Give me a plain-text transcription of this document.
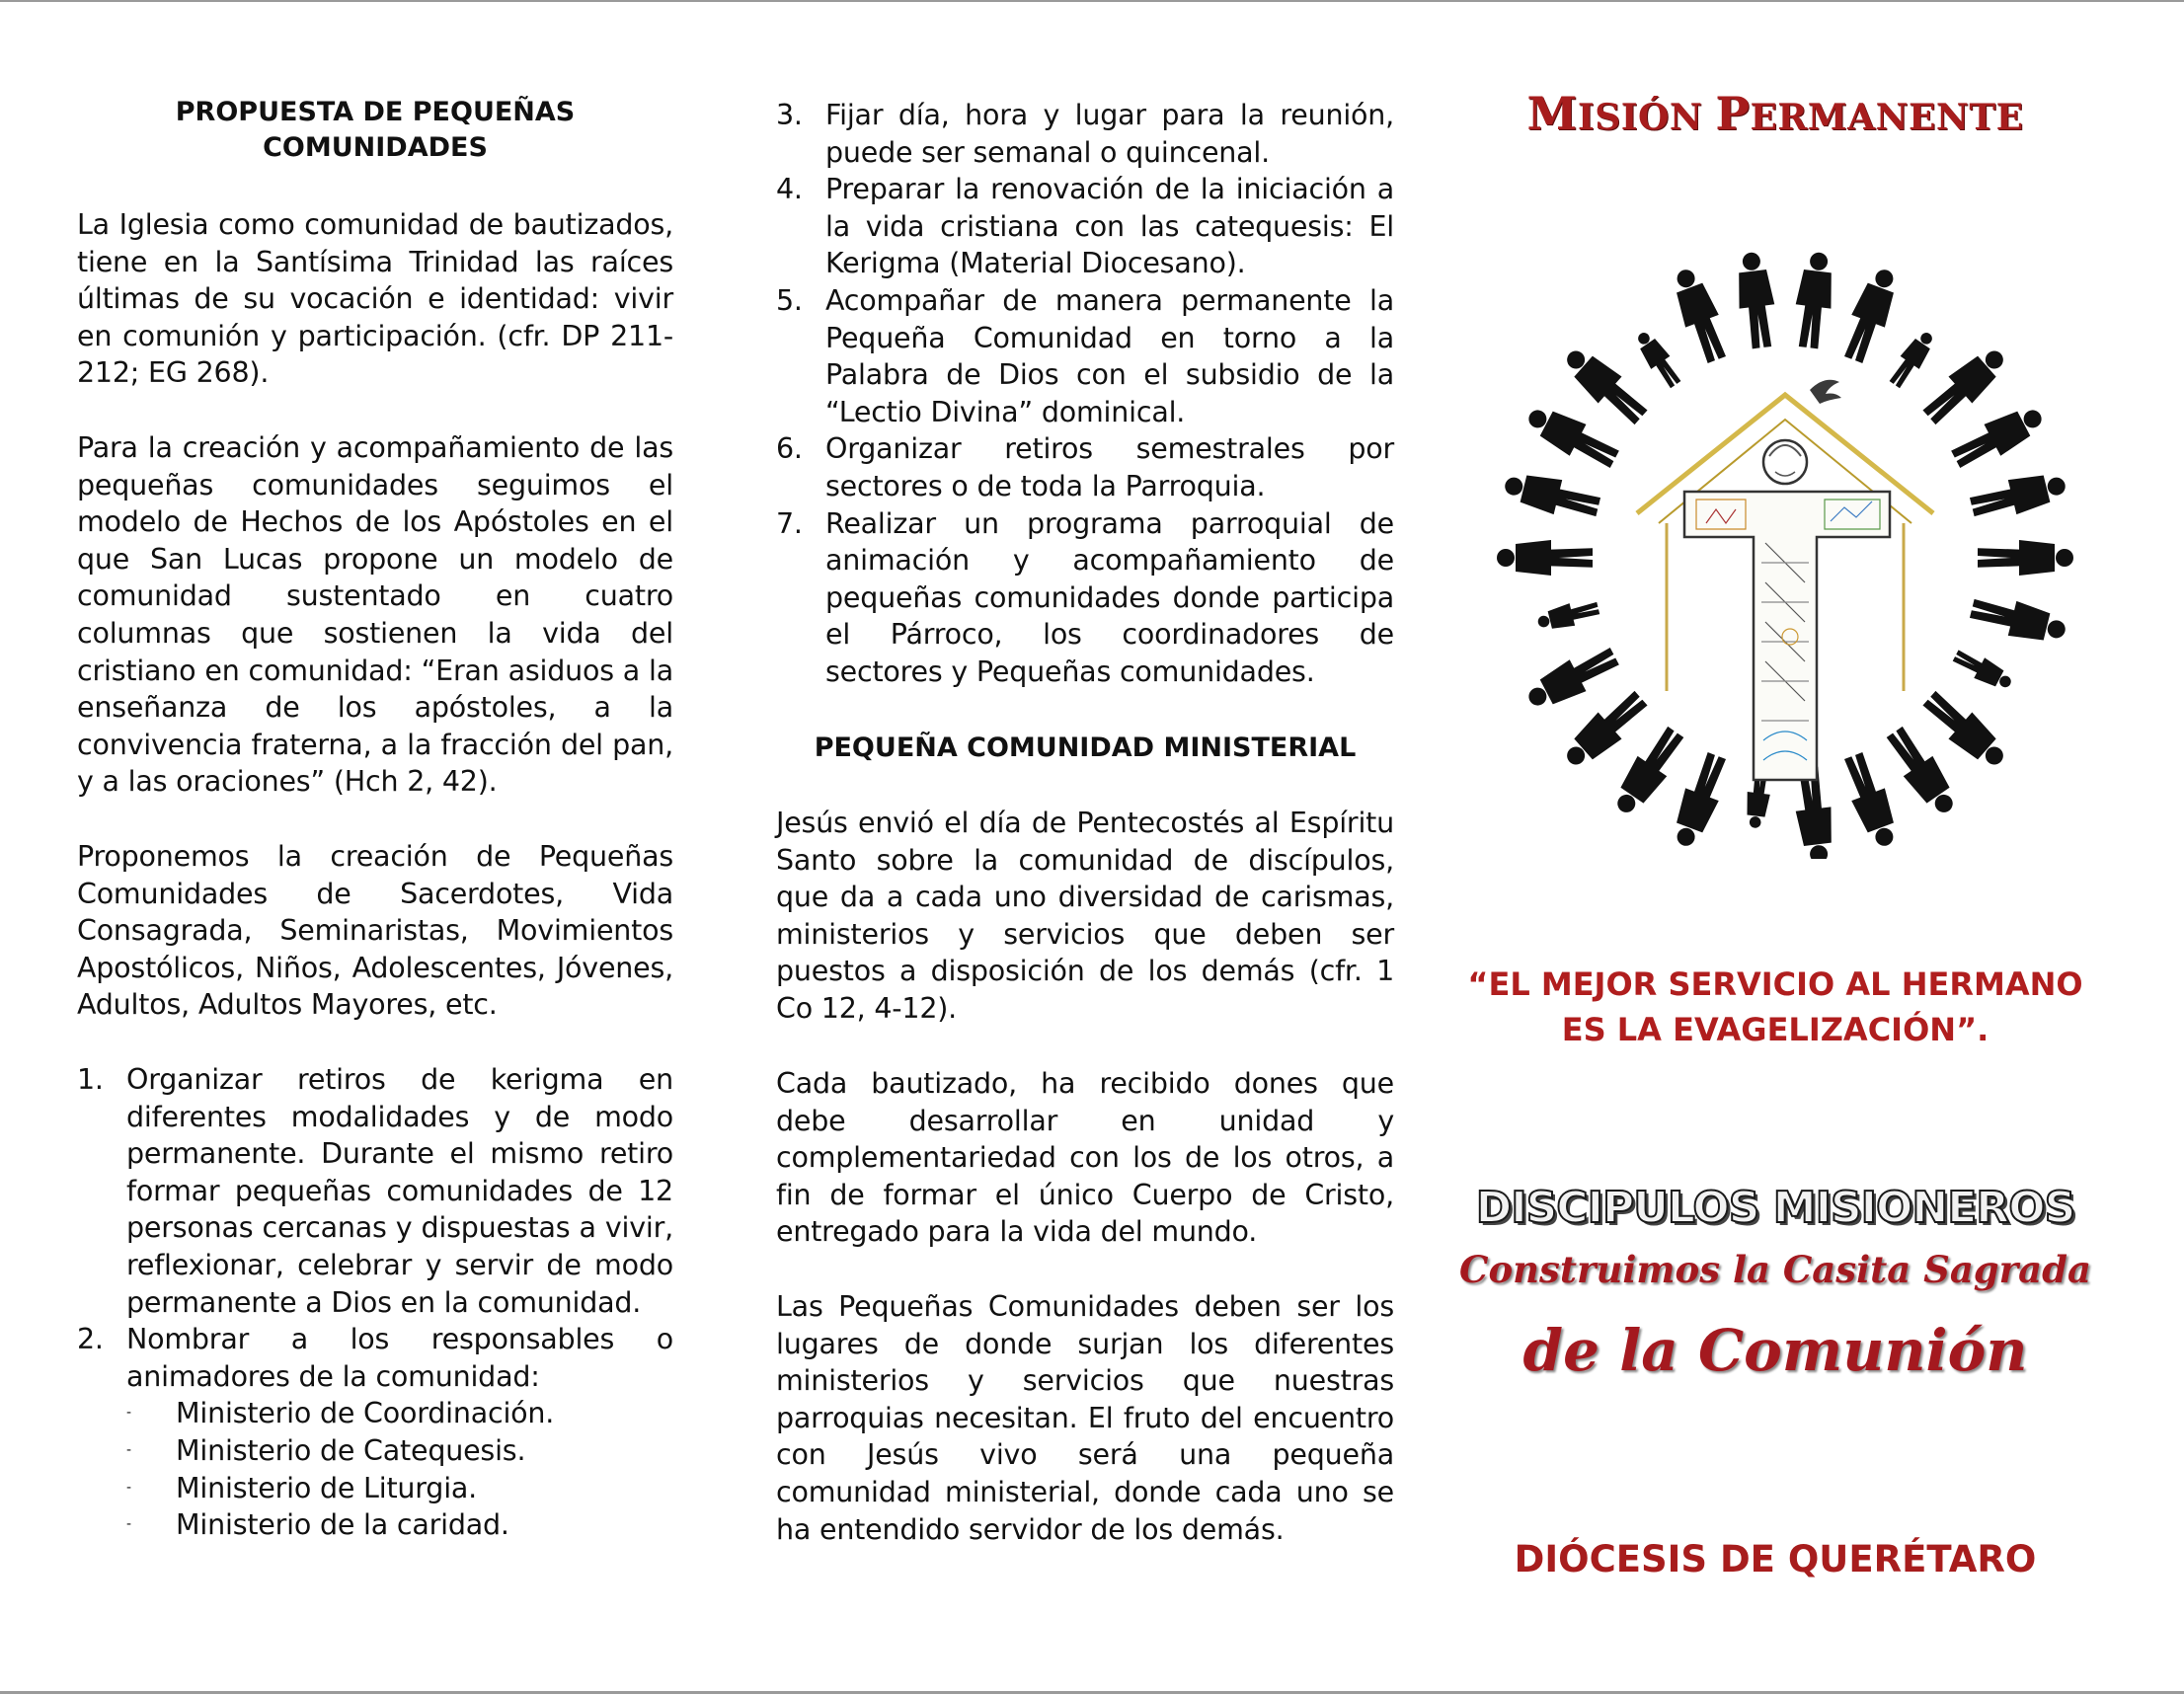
PROPUESTA DE PEQUEÑAS

COMUNIDADES

La Iglesia como comunidad de bautizados, tiene en la Santísima Trinidad las raíces últimas de su vocación e identidad: vivir en comunión y participación. (cfr. DP 211-212; EG 268).

Para la creación y acompañamiento de las pequeñas comunidades seguimos el modelo de Hechos de los Apóstoles en el que San Lucas propone un modelo de comunidad sustentado en cuatro columnas que sostienen la vida del cristiano en comunidad: “Eran asiduos a la enseñanza de los apóstoles, a la convivencia fraterna, a la fracción del pan, y a las oraciones” (Hch 2, 42).

Proponemos la creación de Pequeñas Comunidades de Sacerdotes, Vida Consagrada, Seminaristas, Movimientos Apostólicos, Niños, Adolescentes, Jóvenes, Adultos, Adultos Mayores, etc.

1. Organizar retiros de kerigma en diferentes modalidades y de modo permanente. Durante el mismo retiro formar pequeñas comunidades de 12 personas cercanas y dispuestas a vivir, reflexionar, celebrar y servir de modo permanente a Dios en la comunidad.
2. Nombrar a los responsables o animadores de la comunidad:
- Ministerio de Coordinación.
- Ministerio de Catequesis.
- Ministerio de Liturgia.
- Ministerio de la caridad.
3. Fijar día, hora y lugar para la reunión, puede ser semanal o quincenal.
4. Preparar la renovación de la iniciación a la vida cristiana con las catequesis: El Kerigma (Material Diocesano).
5. Acompañar de manera permanente la Pequeña Comunidad en torno a la Palabra de Dios con el subsidio de la “Lectio Divina” dominical.
6. Organizar retiros semestrales por sectores o de toda la Parroquia.
7. Realizar un programa parroquial de animación y acompañamiento de pequeñas comunidades donde participa el Párroco, los coordinadores de sectores y Pequeñas comunidades.

PEQUEÑA COMUNIDAD MINISTERIAL

Jesús envió el día de Pentecostés al Espíritu Santo sobre la comunidad de discípulos, que da a cada uno diversidad de carismas, ministerios y servicios que deben ser puestos a disposición de los demás (cfr. 1 Co 12, 4-12).

Cada bautizado, ha recibido dones que debe desarrollar en unidad y complementariedad con los de los otros, a fin de formar el único Cuerpo de Cristo, entregado para la vida del mundo.

Las Pequeñas Comunidades deben ser los lugares de donde surjan los diferentes ministerios y servicios que nuestras parroquias necesitan. El fruto del encuentro con Jesús vivo será una pequeña comunidad ministerial, donde cada uno se ha entendido servidor de los demás.

MISIÓN PERMANENTE

“EL MEJOR SERVICIO AL HERMANO
ES LA EVAGELIZACIÓN”.

DISCIPULOS MISIONEROS

Construimos la Casita Sagrada

de la Comunión

DIÓCESIS DE QUERÉTARO
